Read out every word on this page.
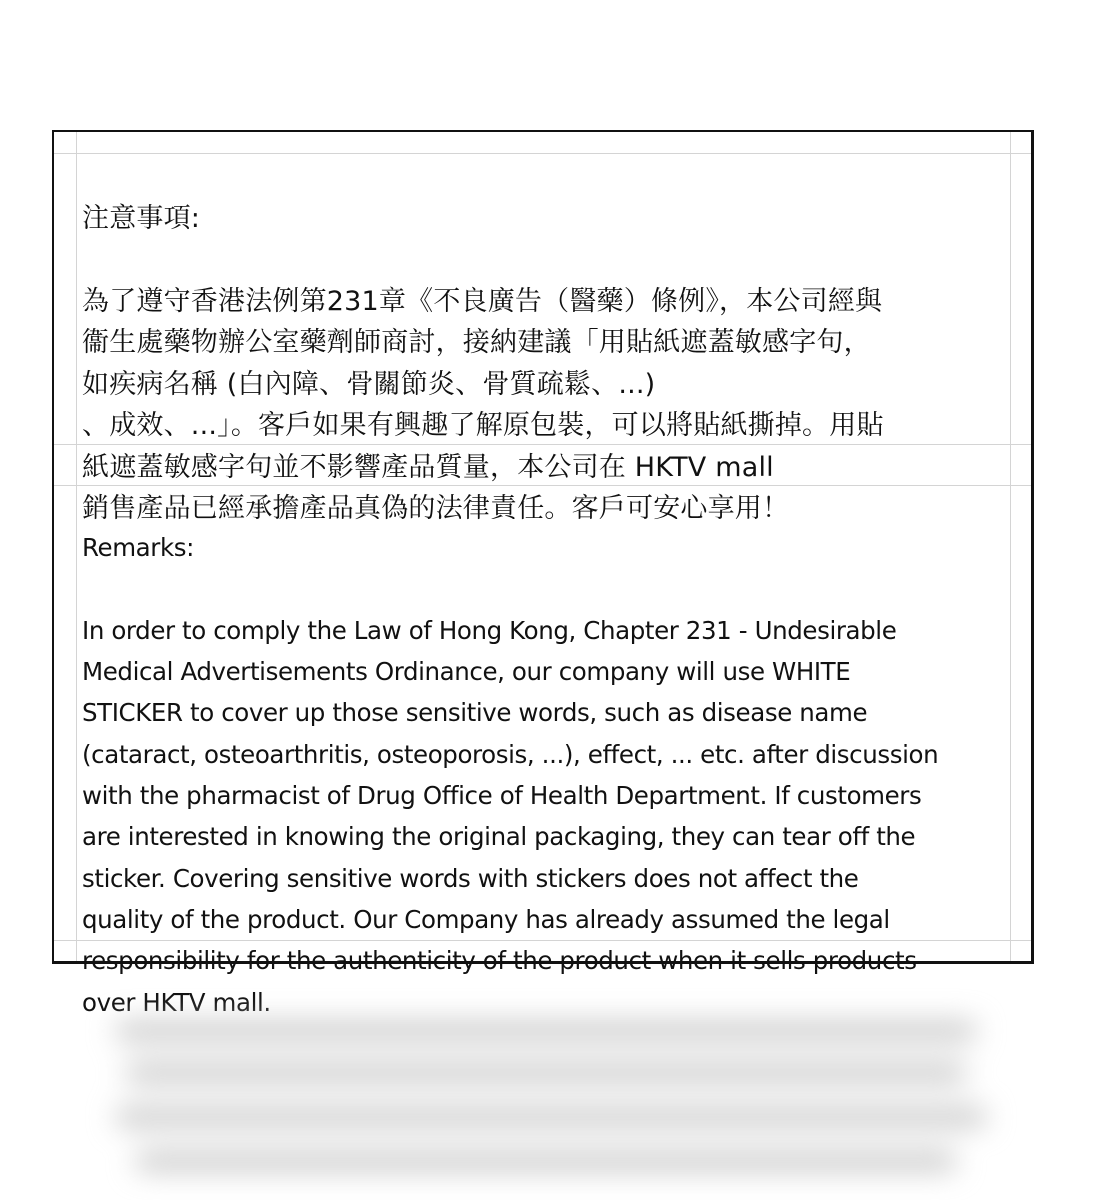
注意事項:

為了遵守香港法例第231章《不良廣告（醫藥）條例》，本公司經與
衞生處藥物辦公室藥劑師商討，接納建議「用貼紙遮蓋敏感字句，
如疾病名稱 (白內障、骨關節炎、骨質疏鬆、...)
、成效、...」。客戶如果有興趣了解原包裝，可以將貼紙撕掉。用貼
紙遮蓋敏感字句並不影響產品質量，本公司在 HKTV mall
銷售產品已經承擔產品真偽的法律責任。客戶可安心享用！

Remarks:

In order to comply the Law of Hong Kong, Chapter 231 - Undesirable
Medical Advertisements Ordinance, our company will use WHITE
STICKER to cover up those sensitive words, such as disease name
(cataract, osteoarthritis, osteoporosis, ...), effect, ... etc. after discussion
with the pharmacist of Drug Office of Health Department. If customers
are interested in knowing the original packaging, they can tear off the
sticker. Covering sensitive words with stickers does not affect the
quality of the product. Our Company has already assumed the legal
responsibility for the authenticity of the product when it sells products
over HKTV mall.
